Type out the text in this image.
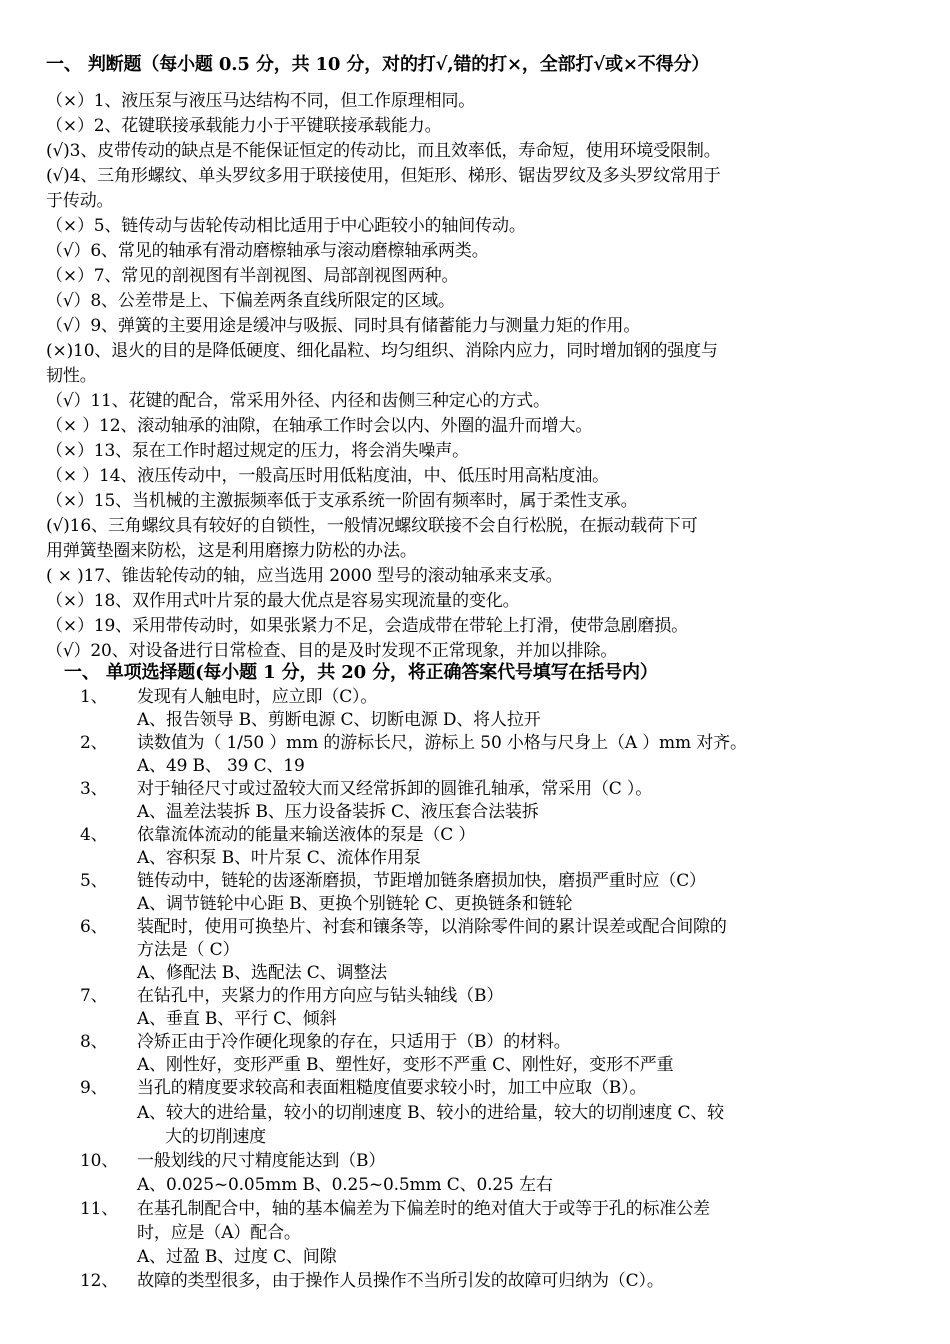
一、 判断题（每小题 0.5 分，共 10 分，对的打√,错的打×，全部打√或×不得分）
（×）1、液压泵与液压马达结构不同，但工作原理相同。
（×）2、花键联接承载能力小于平键联接承载能力。
(√)3、皮带传动的缺点是不能保证恒定的传动比，而且效率低，寿命短，使用环境受限制。
(√)4、三角形螺纹、单头罗纹多用于联接使用，但矩形、梯形、锯齿罗纹及多头罗纹常用于
于传动。
（×）5、链传动与齿轮传动相比适用于中心距较小的轴间传动。
（√）6、常见的轴承有滑动磨檫轴承与滚动磨檫轴承两类。
（×）7、常见的剖视图有半剖视图、局部剖视图两种。
（√）8、公差带是上、下偏差两条直线所限定的区域。
（√）9、弹簧的主要用途是缓冲与吸振、同时具有储蓄能力与测量力矩的作用。
(×)10、退火的目的是降低硬度、细化晶粒、均匀组织、消除内应力，同时增加钢的强度与
韧性。
（√）11、花键的配合，常采用外径、内径和齿侧三种定心的方式。
（× ）12、滚动轴承的油隙，在轴承工作时会以内、外圈的温升而增大。
（×）13、泵在工作时超过规定的压力，将会消失噪声。
（× ）14、液压传动中，一般高压时用低粘度油，中、低压时用高粘度油。
（×）15、当机械的主激振频率低于支承系统一阶固有频率时，属于柔性支承。
(√)16、三角螺纹具有较好的自锁性，一般情况螺纹联接不会自行松脱，在振动载荷下可
用弹簧垫圈来防松，这是利用磨擦力防松的办法。
( × )17、锥齿轮传动的轴，应当选用 2000 型号的滚动轴承来支承。
（×）18、双作用式叶片泵的最大优点是容易实现流量的变化。
（×）19、采用带传动时，如果张紧力不足，会造成带在带轮上打滑，使带急剧磨损。
（√）20、对设备进行日常检查、目的是及时发现不正常现象，并加以排除。
一、 单项选择题(每小题 1 分，共 20 分，将正确答案代号填写在括号内）
1、 发现有人触电时，应立即（C）。
A、报告领导 B、剪断电源 C、切断电源 D、将人拉开
2、 读数值为（ 1/50 ）mm 的游标长尺，游标上 50 小格与尺身上（A ）mm 对齐。
A、49 B、 39 C、19
3、 对于轴径尺寸或过盈较大而又经常拆卸的圆锥孔轴承，常采用（C ）。
A、温差法装拆 B、压力设备装拆 C、液压套合法装拆
4、 依靠流体流动的能量来输送液体的泵是（C ）
A、容积泵 B、叶片泵 C、流体作用泵
5、 链传动中，链轮的齿逐渐磨损，节距增加链条磨损加快，磨损严重时应（C）
A、调节链轮中心距 B、更换个别链轮 C、更换链条和链轮
6、 装配时，使用可换垫片、衬套和镶条等，以消除零件间的累计误差或配合间隙的
方法是（ C）
A、修配法 B、选配法 C、调整法
7、 在钻孔中，夹紧力的作用方向应与钻头轴线（B）
A、垂直 B、平行 C、倾斜
8、 冷矫正由于冷作硬化现象的存在，只适用于（B）的材料。
A、刚性好，变形严重 B、塑性好，变形不严重 C、刚性好，变形不严重
9、 当孔的精度要求较高和表面粗糙度值要求较小时，加工中应取（B）。
A、较大的进给量，较小的切削速度 B、较小的进给量，较大的切削速度 C、较
大的切削速度
10、 一般划线的尺寸精度能达到（B）
A、0.025~0.05mm B、0.25~0.5mm C、0.25 左右
11、 在基孔制配合中，轴的基本偏差为下偏差时的绝对值大于或等于孔的标准公差
时，应是（A）配合。
A、过盈 B、过度 C、间隙
12、 故障的类型很多，由于操作人员操作不当所引发的故障可归纳为（C）。
